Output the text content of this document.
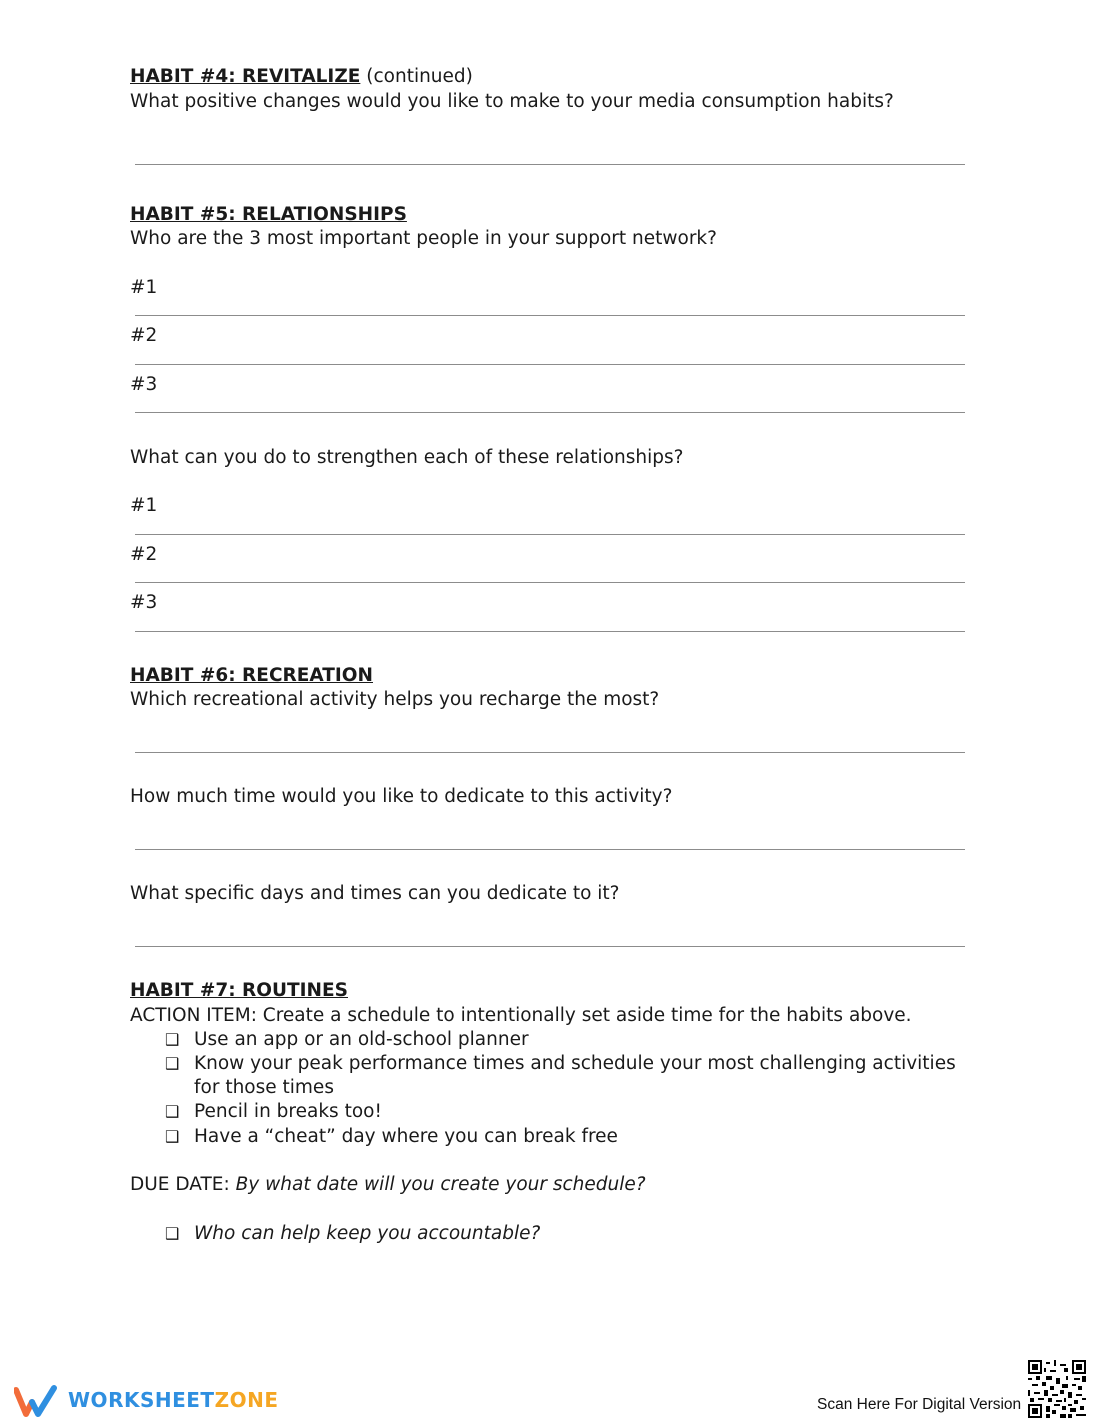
HABIT #4: REVITALIZE (continued)
What positive changes would you like to make to your media consumption habits?
HABIT #5: RELATIONSHIPS
Who are the 3 most important people in your support network?
#1
#2
#3
What can you do to strengthen each of these relationships?
#1
#2
#3
HABIT #6: RECREATION
Which recreational activity helps you recharge the most?
How much time would you like to dedicate to this activity?
What specific days and times can you dedicate to it?
HABIT #7: ROUTINES
ACTION ITEM: Create a schedule to intentionally set aside time for the habits above.
❑ Use an app or an old-school planner
❑ Know your peak performance times and schedule your most challenging activities
for those times
❑ Pencil in breaks too!
❑ Have a “cheat” day where you can break free
DUE DATE: By what date will you create your schedule?
❑ Who can help keep you accountable?
WORKSHEETZONE	Scan Here For Digital Version
